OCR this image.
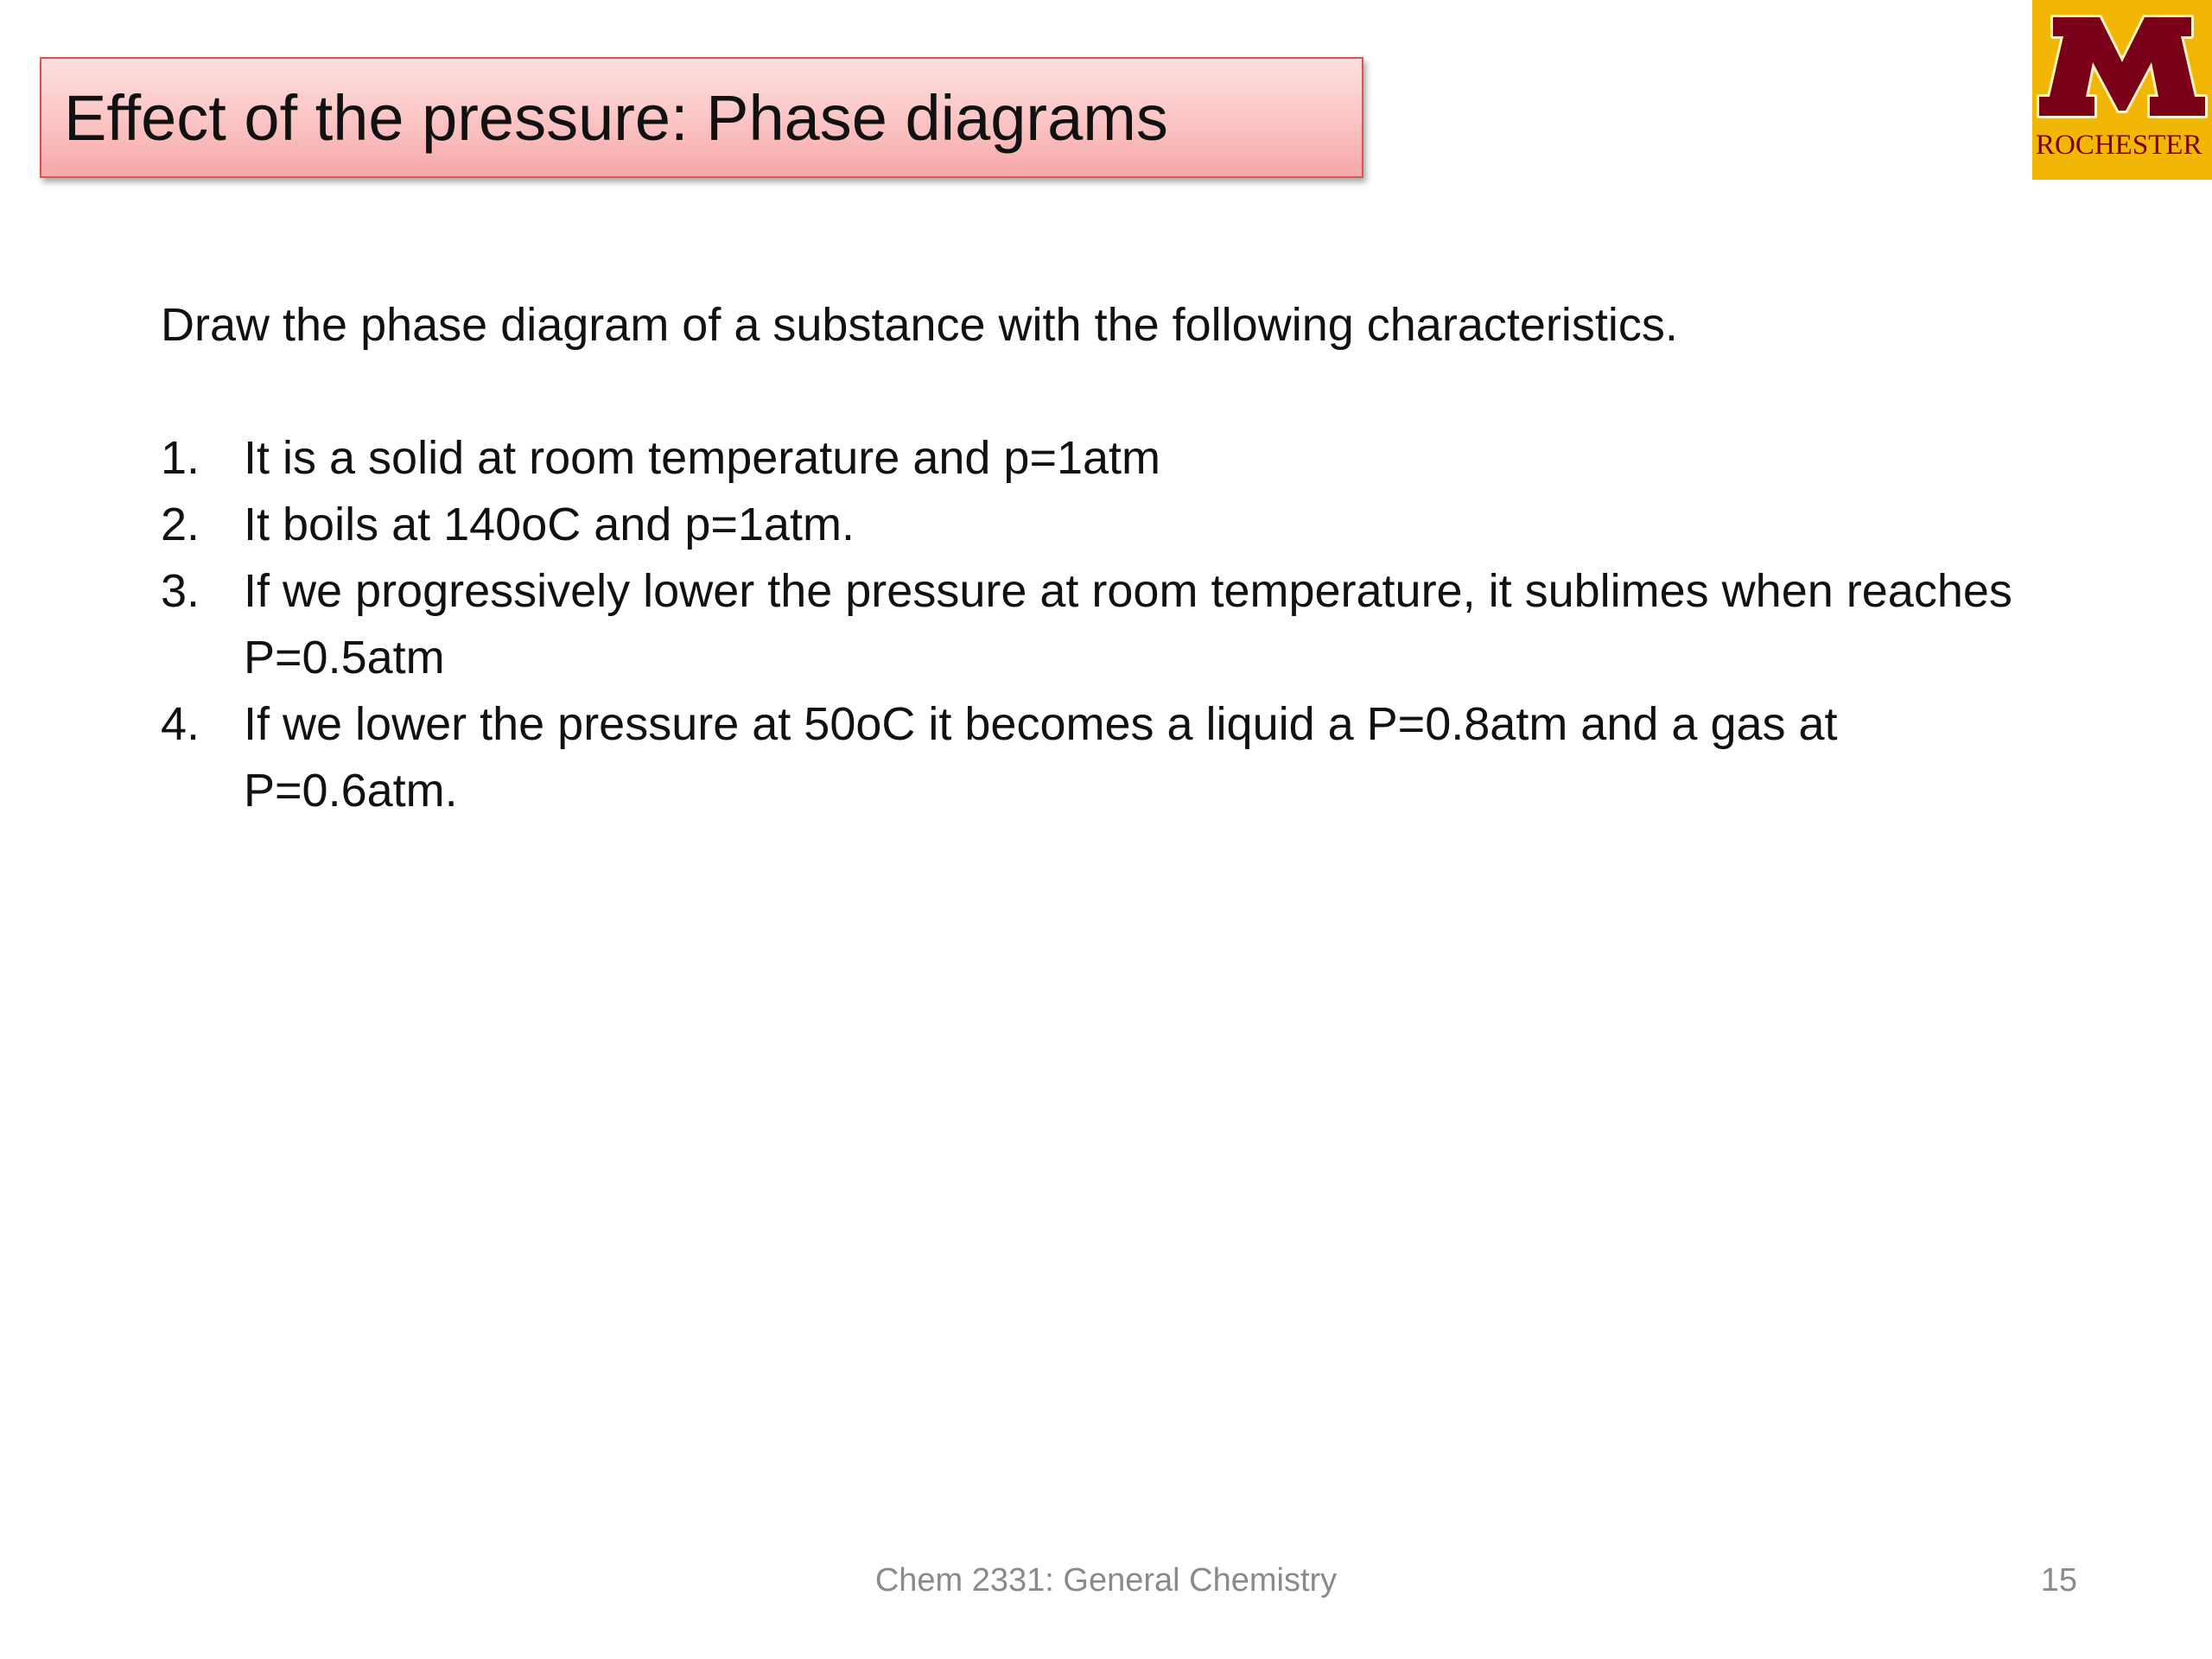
Effect of the pressure: Phase diagrams	ROCHESTER

Draw the phase diagram of a substance with the following characteristics.

1. It is a solid at room temperature and p=1atm
2. It boils at 140oC and p=1atm.
3. If we progressively lower the pressure at room temperature, it sublimes when reaches P=0.5atm
4. If we lower the pressure at 50oC it becomes a liquid a P=0.8atm and a gas at P=0.6atm.
Chem 2331: General Chemistry	15
